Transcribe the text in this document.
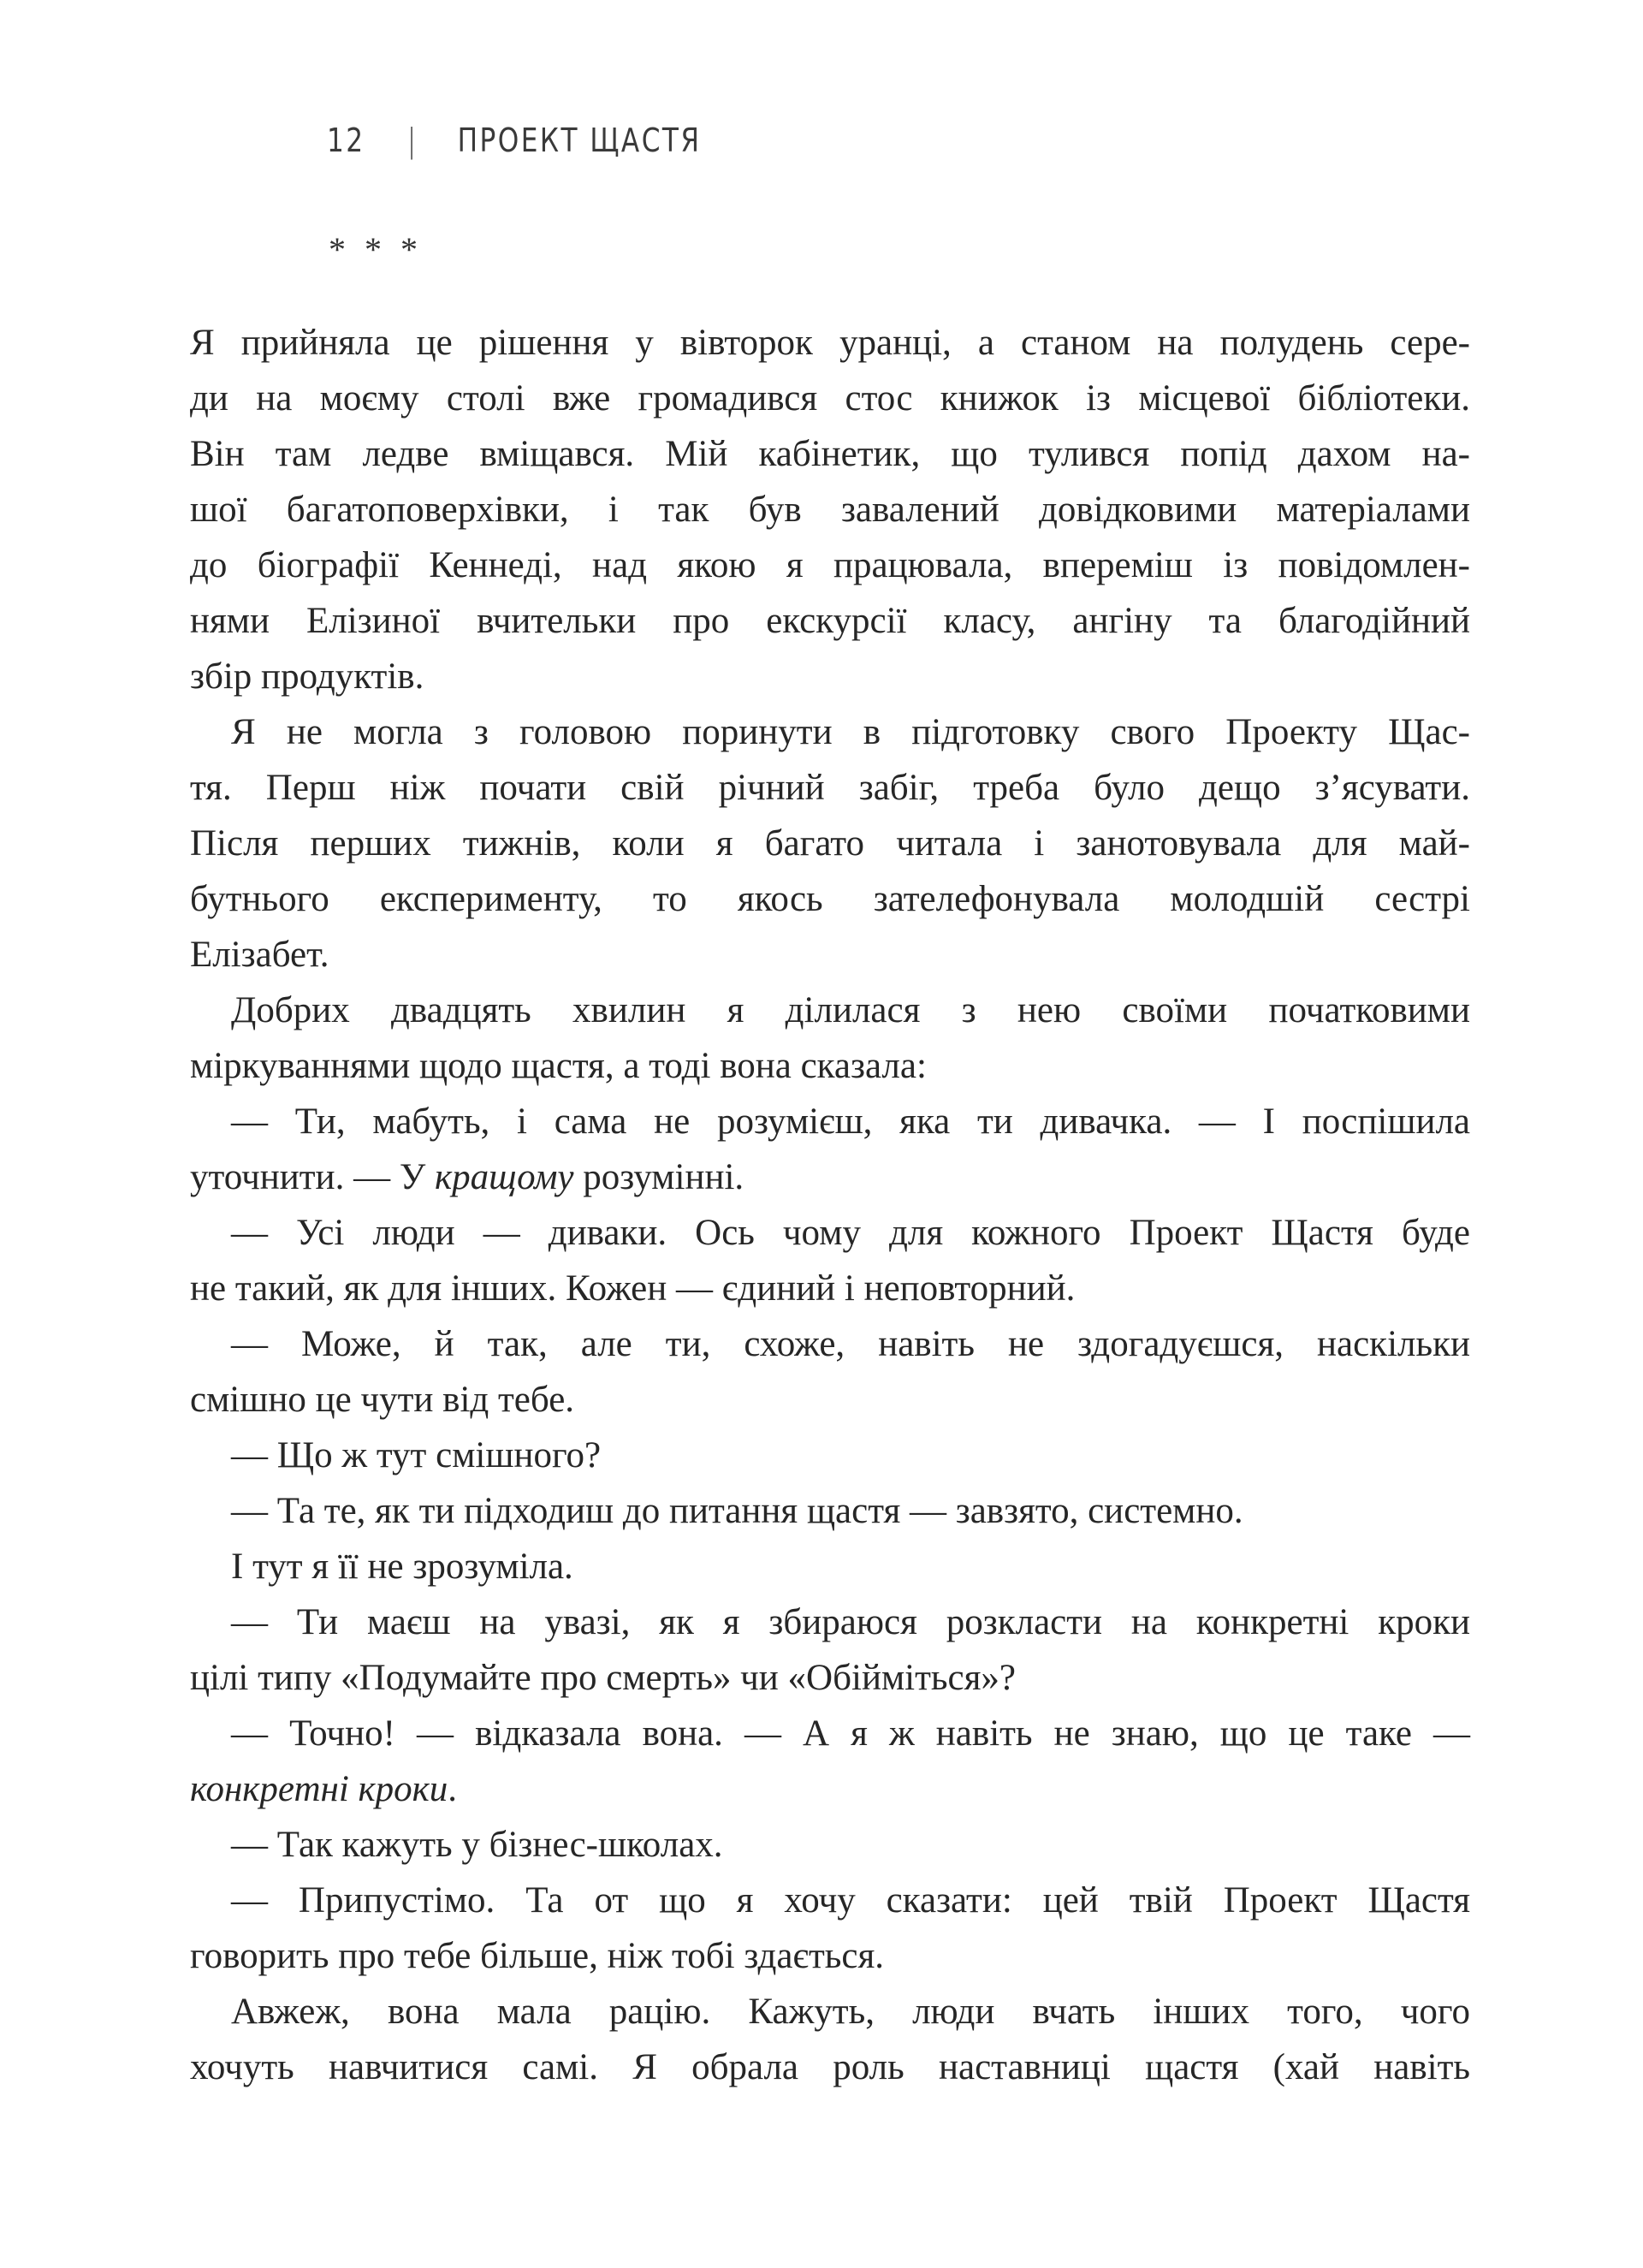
12 | ПРОЕКТ ЩАСТЯ
* * *
Я прийняла це рішення у вівторок уранці, а станом на полудень сере-
ди на моєму столі вже громадився стос книжок із місцевої бібліотеки.
Він там ледве вміщався. Мій кабінетик, що тулився попід дахом на-
шої багатоповерхівки, і так був завалений довідковими матеріалами
до біографії Кеннеді, над якою я працювала, впереміш із повідомлен-
нями Елізиної вчительки про екскурсії класу, ангіну та благодійний
збір продуктів.
Я не могла з головою поринути в підготовку свого Проекту Щас-
тя. Перш ніж почати свій річний забіг, треба було дещо з’ясувати.
Після перших тижнів, коли я багато читала і занотовувала для май-
бутнього експерименту, то якось зателефонувала молодшій сестрі
Елізабет.
Добрих двадцять хвилин я ділилася з нею своїми початковими
міркуваннями щодо щастя, а тоді вона сказала:
— Ти, мабуть, і сама не розумієш, яка ти дивачка. — І поспішила
уточнити. — У кращому розумінні.
— Усі люди — диваки. Ось чому для кожного Проект Щастя буде
не такий, як для інших. Кожен — єдиний і неповторний.
— Може, й так, але ти, схоже, навіть не здогадуєшся, наскільки
смішно це чути від тебе.
— Що ж тут смішного?
— Та те, як ти підходиш до питання щастя — завзято, системно.
І тут я її не зрозуміла.
— Ти маєш на увазі, як я збираюся розкласти на конкретні кроки
цілі типу «Подумайте про смерть» чи «Обійміться»?
— Точно! — відказала вона. — А я ж навіть не знаю, що це таке —
конкретні кроки.
— Так кажуть у бізнес-школах.
— Припустімо. Та от що я хочу сказати: цей твій Проект Щастя
говорить про тебе більше, ніж тобі здається.
Авжеж, вона мала рацію. Кажуть, люди вчать інших того, чого
хочуть навчитися самі. Я обрала роль наставниці щастя (хай навіть
